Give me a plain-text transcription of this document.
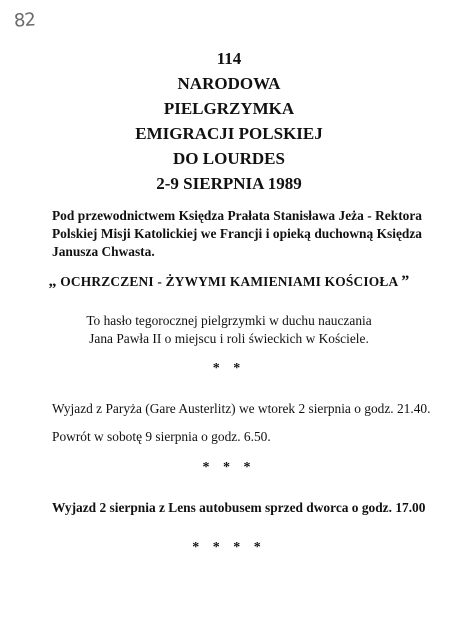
82
114
NARODOWA
PIELGRZYMKA
EMIGRACJI POLSKIEJ
DO LOURDES
2-9 SIERPNIA 1989
Pod przewodnictwem Księdza Prałata Stanisława Jeża - Rektora Polskiej Misji Katolickiej we Francji i opieką duchowną Księdza Janusza Chwasta.
„ OCHRZCZENI - ŻYWYMI KAMIENIAMI KOŚCIOŁA ”
To hasło tegorocznej pielgrzymki w duchu nauczania
Jana Pawła II o miejscu i roli świeckich w Kościele.
* *
Wyjazd z Paryża (Gare Austerlitz) we wtorek 2 sierpnia o godz. 21.40.
Powrót w sobotę 9 sierpnia o godz. 6.50.
* * *
Wyjazd 2 sierpnia z Lens autobusem sprzed dworca o godz. 17.00
* * * *
